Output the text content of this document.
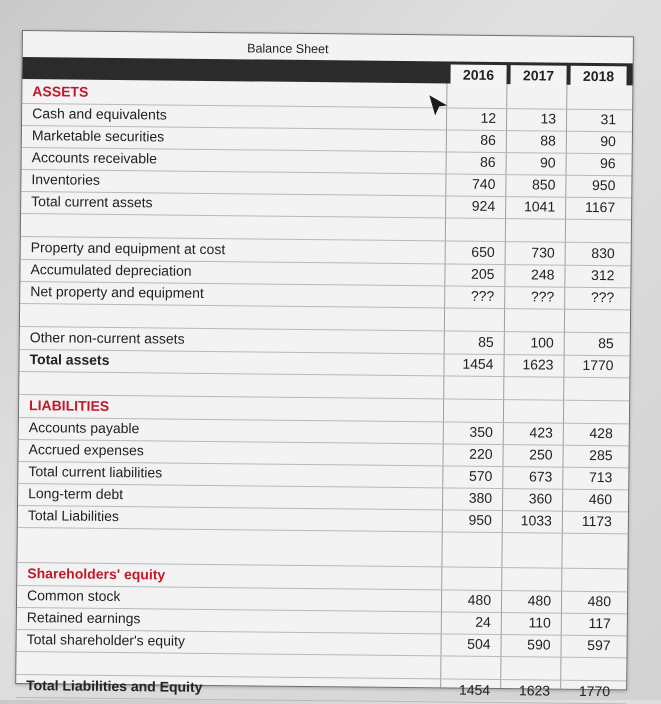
Balance Sheet
2016	2017	2018
ASSETS
Cash and equivalents	12	13	31
Marketable securities	86	88	90
Accounts receivable	86	90	96
Inventories	740	850	950
Total current assets	924	1041	1167
Property and equipment at cost	650	730	830
Accumulated depreciation	205	248	312
Net property and equipment	???	???	???
Other non-current assets	85	100	85
Total assets	1454	1623	1770
LIABILITIES
Accounts payable	350	423	428
Accrued expenses	220	250	285
Total current liabilities	570	673	713
Long-term debt	380	360	460
Total Liabilities	950	1033	1173
Shareholders' equity
Common stock	480	480	480
Retained earnings	24	110	117
Total shareholder's equity	504	590	597
Total Liabilities and Equity	1454	1623	1770
